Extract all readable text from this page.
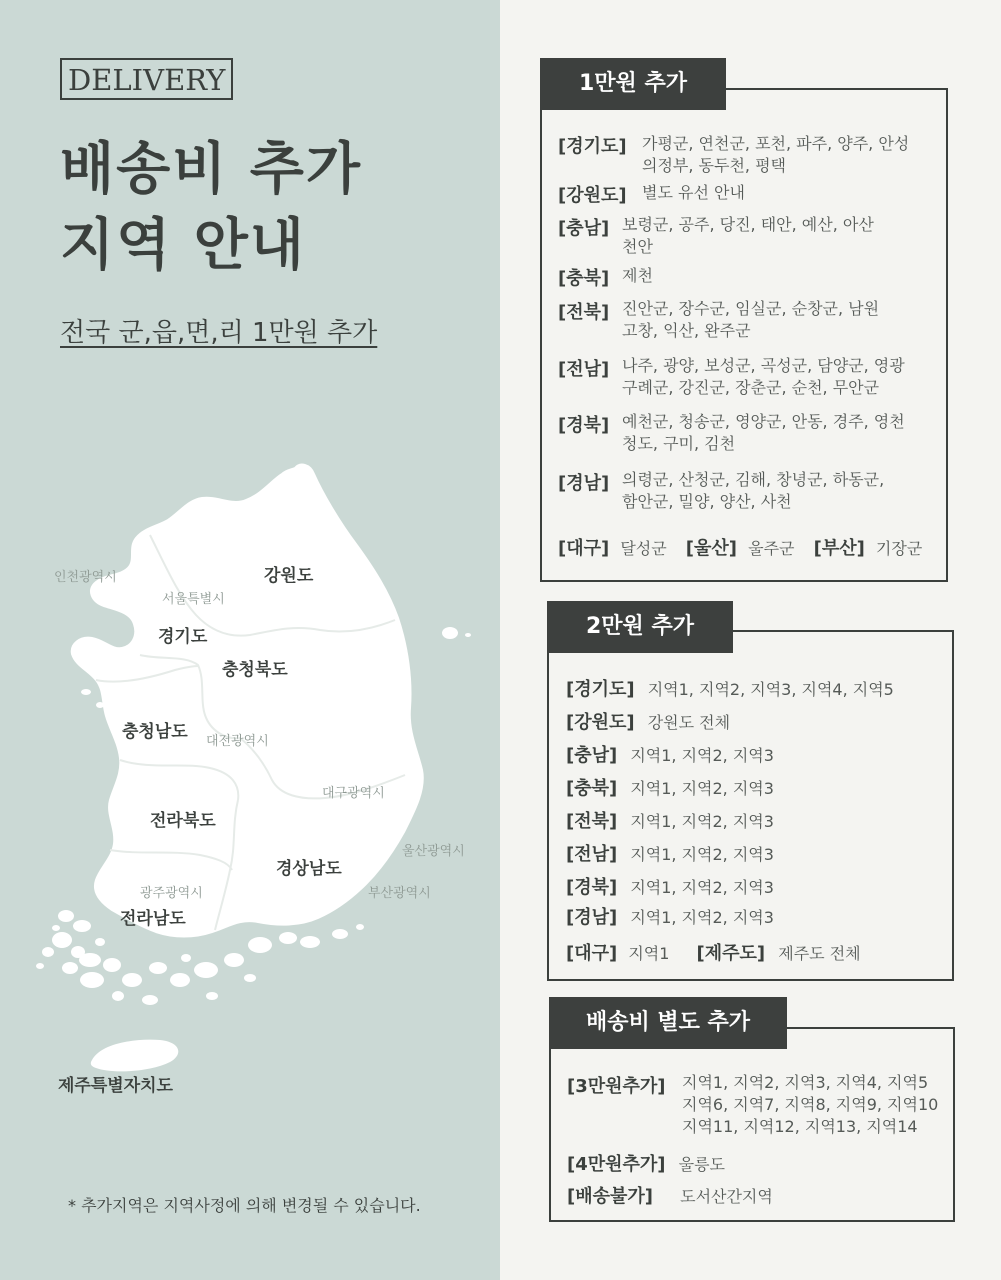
DELIVERY
배송비 추가
지역 안내
전국 군,읍,면,리 1만원 추가
강원도
경기도
충청북도
충청남도
전라북도
경상남도
전라남도
제주특별자치도
인천광역시
서울특별시
대전광역시
대구광역시
울산광역시
광주광역시	부산광역시
* 추가지역은 지역사정에 의해 변경될 수 있습니다.
1만원 추가
[경기도] 가평군, 연천군, 포천, 파주, 양주, 안성
의정부, 동두천, 평택
[강원도] 별도 유선 안내
[충남] 보령군, 공주, 당진, 태안, 예산, 아산
천안
[충북] 제천
[전북] 진안군, 장수군, 임실군, 순창군, 남원
고창, 익산, 완주군
[전남] 나주, 광양, 보성군, 곡성군, 담양군, 영광
구례군, 강진군, 장춘군, 순천, 무안군
[경북] 예천군, 청송군, 영양군, 안동, 경주, 영천
청도, 구미, 김천
[경남] 의령군, 산청군, 김해, 창녕군, 하동군,
함안군, 밀양, 양산, 사천
[대구] 달성군 [울산] 울주군 [부산] 기장군
2만원 추가
[경기도] 지역1, 지역2, 지역3, 지역4, 지역5
[강원도] 강원도 전체
[충남] 지역1, 지역2, 지역3
[충북] 지역1, 지역2, 지역3
[전북] 지역1, 지역2, 지역3
[전남] 지역1, 지역2, 지역3
[경북] 지역1, 지역2, 지역3
[경남] 지역1, 지역2, 지역3
[대구] 지역1 [제주도] 제주도 전체
배송비 별도 추가
[3만원추가] 지역1, 지역2, 지역3, 지역4, 지역5
지역6, 지역7, 지역8, 지역9, 지역10
지역11, 지역12, 지역13, 지역14
[4만원추가] 울릉도
[배송불가] 도서산간지역
